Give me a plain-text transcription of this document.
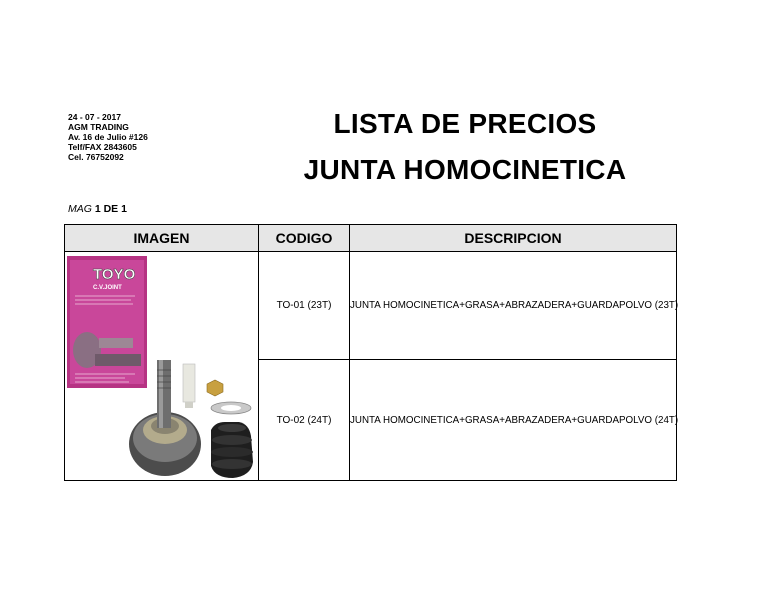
24 - 07 - 2017
AGM TRADING
Av. 16 de Julio #126
Telf/FAX 2843605
Cel. 76752092
LISTA DE PRECIOS
JUNTA HOMOCINETICA
MAG 1 DE 1
IMAGEN	CODIGO	DESCRIPCION

TOYO
C.V.JOINT	TO-01 (23T)	JUNTA HOMOCINETICA+GRASA+ABRAZADERA+GUARDAPOLVO (23T)
	TO-02 (24T)	JUNTA HOMOCINETICA+GRASA+ABRAZADERA+GUARDAPOLVO (24T)
